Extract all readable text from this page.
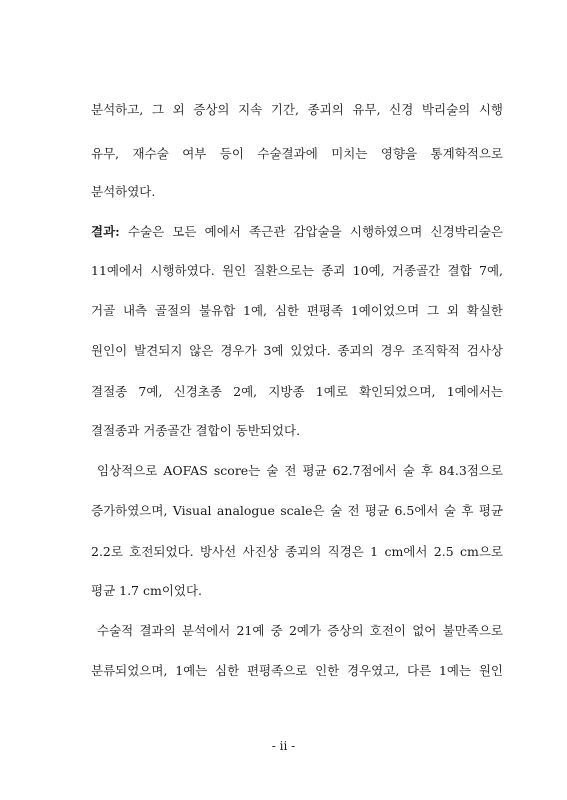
분석하고, 그 외 증상의 지속 기간, 종괴의 유무, 신경 박리술의 시행
유무, 재수술 여부 등이 수술결과에 미치는 영향을 통계학적으로
분석하였다.
결과: 수술은 모든 예에서 족근관 감압술을 시행하였으며 신경박리술은
11예에서 시행하였다. 원인 질환으로는 종괴 10예, 거종골간 결합 7예,
거골 내측 골절의 불유합 1예, 심한 편평족 1예이었으며 그 외 확실한
원인이 발견되지 않은 경우가 3예 있었다. 종괴의 경우 조직학적 검사상
결절종 7예, 신경초종 2예, 지방종 1예로 확인되었으며, 1예에서는
결절종과 거종골간 결합이 동반되었다.
임상적으로 AOFAS score는 술 전 평균 62.7점에서 술 후 84.3점으로
증가하였으며, Visual analogue scale은 술 전 평균 6.5에서 술 후 평균
2.2로 호전되었다. 방사선 사진상 종괴의 직경은 1 cm에서 2.5 cm으로
평균 1.7 cm이었다.
수술적 결과의 분석에서 21예 중 2예가 증상의 호전이 없어 불만족으로
분류되었으며, 1예는 심한 편평족으로 인한 경우였고, 다른 1예는 원인
- ii -
